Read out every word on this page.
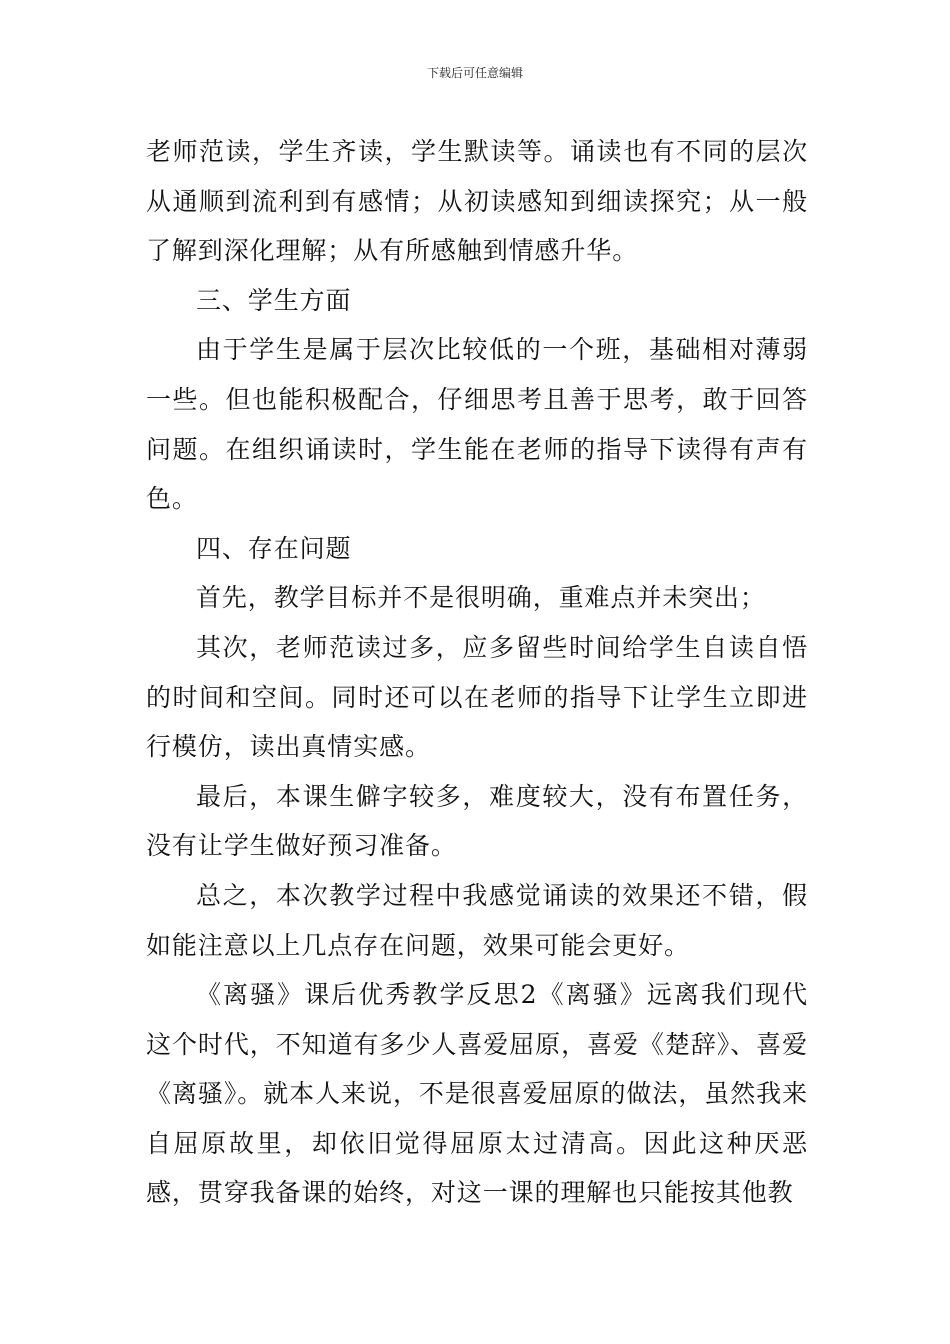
下载后可任意编辑

老师范读，学生齐读，学生默读等。诵读也有不同的层次从通顺到流利到有感情；从初读感知到细读探究；从一般了解到深化理解；从有所感触到情感升华。

三、学生方面

由于学生是属于层次比较低的一个班，基础相对薄弱一些。但也能积极配合，仔细思考且善于思考，敢于回答问题。在组织诵读时，学生能在老师的指导下读得有声有色。

四、存在问题

首先，教学目标并不是很明确，重难点并未突出；

其次，老师范读过多，应多留些时间给学生自读自悟的时间和空间。同时还可以在老师的指导下让学生立即进行模仿，读出真情实感。

最后，本课生僻字较多，难度较大，没有布置任务，没有让学生做好预习准备。

总之，本次教学过程中我感觉诵读的效果还不错，假如能注意以上几点存在问题，效果可能会更好。

《离骚》课后优秀教学反思2《离骚》远离我们现代这个时代，不知道有多少人喜爱屈原，喜爱《楚辞》、喜爱《离骚》。就本人来说，不是很喜爱屈原的做法，虽然我来自屈原故里，却依旧觉得屈原太过清高。因此这种厌恶感，贯穿我备课的始终，对这一课的理解也只能按其他教
